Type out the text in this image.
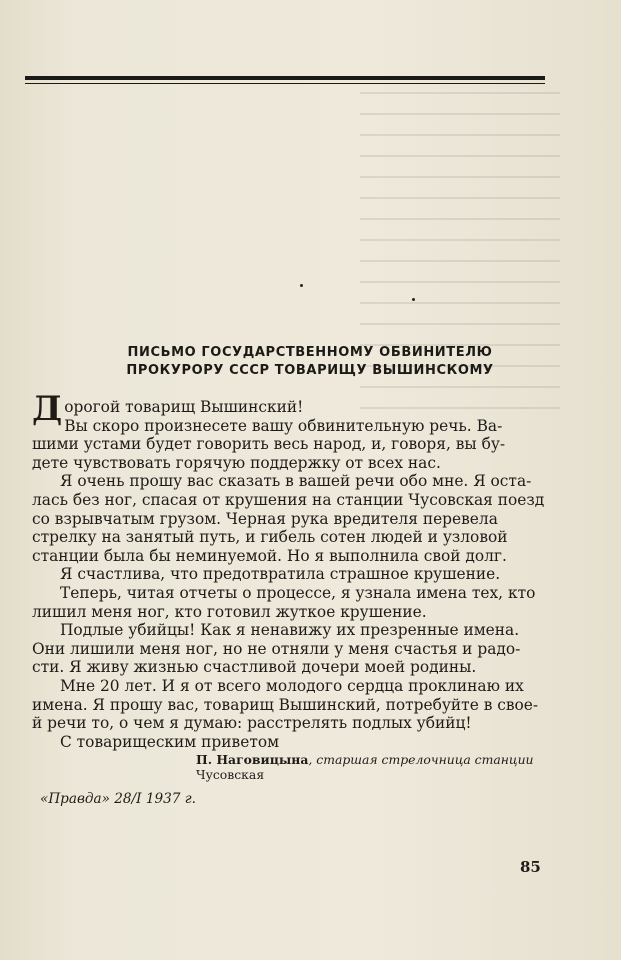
ПИСЬМО ГОСУДАРСТВЕННОМУ ОБВИНИТЕЛЮ
ПРОКУРОРУ СССР ТОВАРИЩУ ВЫШИНСКОМУ
Д орогой товарищ Вышинский!
Вы скоро произнесете вашу обвинительную речь. Ва-
шими устами будет говорить весь народ, и, говоря, вы бу-
дете чувствовать горячую поддержку от всех нас.
Я очень прошу вас сказать в вашей речи обо мне. Я оста-
лась без ног, спасая от крушения на станции Чусовская поезд
со взрывчатым грузом. Черная рука вредителя перевела
стрелку на занятый путь, и гибель сотен людей и узловой
станции была бы неминуемой. Но я выполнила свой долг.
Я счастлива, что предотвратила страшное крушение.
Теперь, читая отчеты о процессе, я узнала имена тех, кто
лишил меня ног, кто готовил жуткое крушение.
Подлые убийцы! Как я ненавижу их презренные имена.
Они лишили меня ног, но не отняли у меня счастья и радо-
сти. Я живу жизнью счастливой дочери моей родины.
Мне 20 лет. И я от всего молодого сердца проклинаю их
имена. Я прошу вас, товарищ Вышинский, потребуйте в свое-
й речи то, о чем я думаю: расстрелять подлых убийц!
С товарищеским приветом
П. Наговицына, старшая стрелочница станции
Чусовская
«Правда» 28/I 1937 г.
85
